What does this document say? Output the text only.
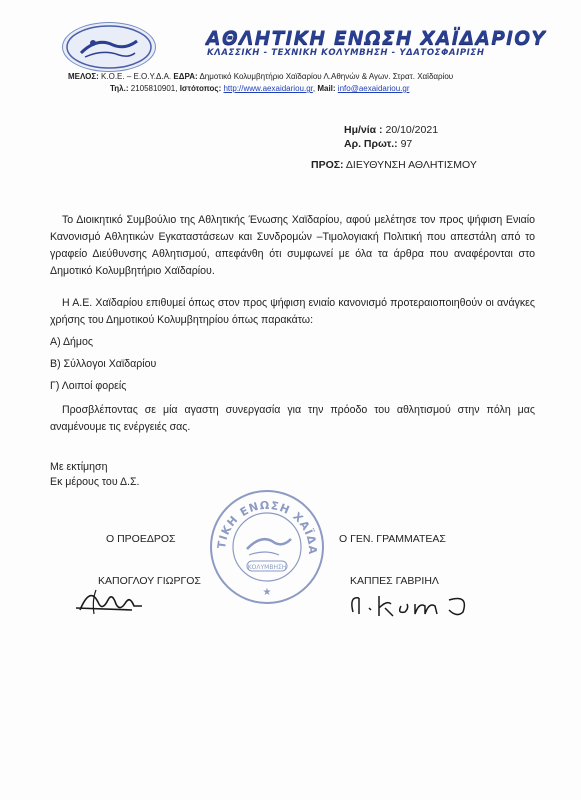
ΑΘΛΗΤΙΚΗ ΕΝΩΣΗ ΧΑΪΔΑΡΙΟΥ
ΚΛΑΣΣΙΚΗ - ΤΕΧΝΙΚΗ ΚΟΛΥΜΒΗΣΗ - ΥΔΑΤΟΣΦΑΙΡΙΣΗ
ΜΕΛΟΣ: Κ.Ο.Ε. – Ε.Ο.Υ.Δ.Α. ΕΔΡΑ: Δημοτικό Κολυμβητήριο Χαϊδαρίου Λ.Αθηνών & Αγων. Στρατ. Χαϊδαρίου
Τηλ.: 2105810901, Ιστότοπος: http://www.aexaidariou.gr, Mail: info@aexaidariou.gr
Ημ/νία : 20/10/2021
Αρ. Πρωτ.: 97
ΠΡΟΣ: ΔΙΕΥΘΥΝΣΗ ΑΘΛΗΤΙΣΜΟΥ
Το Διοικητικό Συμβούλιο της Αθλητικής Ένωσης Χαϊδαρίου, αφού μελέτησε τον προς ψήφιση Ενιαίο Κανονισμό Αθλητικών Εγκαταστάσεων και Συνδρομών –Τιμολογιακή Πολιτική που απεστάλη από το γραφείο Διεύθυνσης Αθλητισμού, απεφάνθη ότι συμφωνεί με όλα τα άρθρα που αναφέρονται στο Δημοτικό Κολυμβητήριο Χαϊδαρίου.
Η Α.Ε. Χαϊδαρίου επιθυμεί όπως στον προς ψήφιση ενιαίο κανονισμό προτεραιοποιηθούν οι ανάγκες χρήσης του Δημοτικού Κολυμβητηρίου όπως παρακάτω:
Α) Δήμος
Β) Σύλλογοι Χαϊδαρίου
Γ) Λοιποί φορείς
Προσβλέποντας σε μία αγαστη συνεργασία για την πρόοδο του αθλητισμού στην πόλη μας αναμένουμε τις ενέργειές σας.
Με εκτίμηση
Εκ μέρους του Δ.Σ.
Ο ΠΡΟΕΔΡΟΣ	Ο ΓΕΝ. ΓΡΑΜΜΑΤΕΑΣ
ΤΙΚΗ ΕΝΩΣΗ ΧΑΪΔΑ
ΚΟΛΥΜΒΗΣΗ
★
ΚΑΠΟΓΛΟΥ ΓΙΩΡΓΟΣ	ΚΑΠΠΕΣ ΓΑΒΡΙΗΛ
